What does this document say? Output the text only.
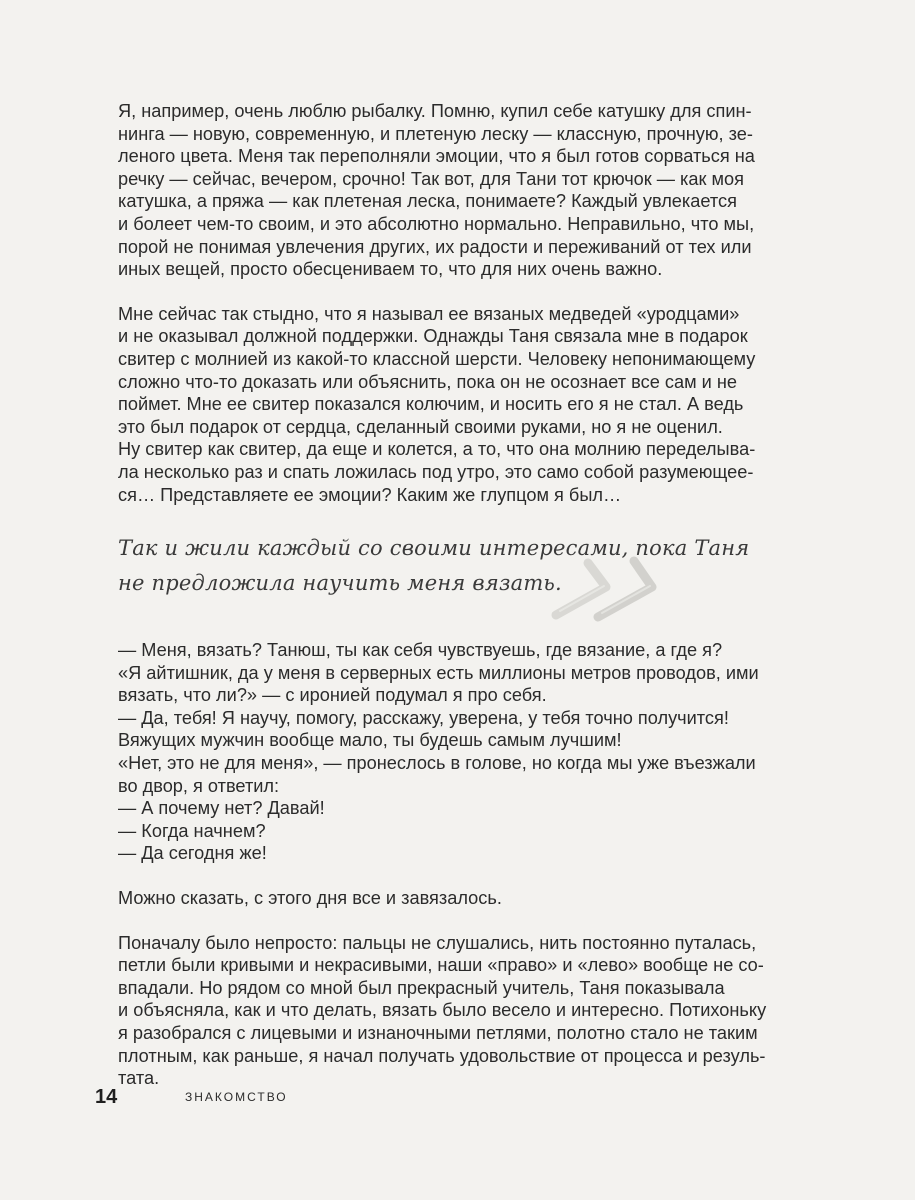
Я, например, очень люблю рыбалку. Помню, купил себе катушку для спин-
нинга — новую, современную, и плетеную леску — классную, прочную, зе-
леного цвета. Меня так переполняли эмоции, что я был готов сорваться на
речку — сейчас, вечером, срочно! Так вот, для Тани тот крючок — как моя
катушка, а пряжа — как плетеная леска, понимаете? Каждый увлекается
и болеет чем-то своим, и это абсолютно нормально. Неправильно, что мы,
порой не понимая увлечения других, их радости и переживаний от тех или
иных вещей, просто обесцениваем то, что для них очень важно.

Мне сейчас так стыдно, что я называл ее вязаных медведей «уродцами»
и не оказывал должной поддержки. Однажды Таня связала мне в подарок
свитер с молнией из какой-то классной шерсти. Человеку непонимающему
сложно что-то доказать или объяснить, пока он не осознает все сам и не
поймет. Мне ее свитер показался колючим, и носить его я не стал. А ведь
это был подарок от сердца, сделанный своими руками, но я не оценил.
Ну свитер как свитер, да еще и колется, а то, что она молнию переделыва-
ла несколько раз и спать ложилась под утро, это само собой разумеющее-
ся… Представляете ее эмоции? Каким же глупцом я был…

Так и жили каждый со своими интересами, пока Таня
не предложила научить меня вязать.

— Меня, вязать? Танюш, ты как себя чувствуешь, где вязание, а где я?
«Я айтишник, да у меня в серверных есть миллионы метров проводов, ими
вязать, что ли?» — с иронией подумал я про себя.
— Да, тебя! Я научу, помогу, расскажу, уверена, у тебя точно получится!
Вяжущих мужчин вообще мало, ты будешь самым лучшим!
«Нет, это не для меня», — пронеслось в голове, но когда мы уже въезжали
во двор, я ответил:
— А почему нет? Давай!
— Когда начнем?
— Да сегодня же!

Можно сказать, с этого дня все и завязалось.

Поначалу было непросто: пальцы не слушались, нить постоянно путалась,
петли были кривыми и некрасивыми, наши «право» и «лево» вообще не со-
впадали. Но рядом со мной был прекрасный учитель, Таня показывала
и объясняла, как и что делать, вязать было весело и интересно. Потихоньку
я разобрался с лицевыми и изнаночными петлями, полотно стало не таким
плотным, как раньше, я начал получать удовольствие от процесса и резуль-
тата.

14	ЗНАКОМСТВО
